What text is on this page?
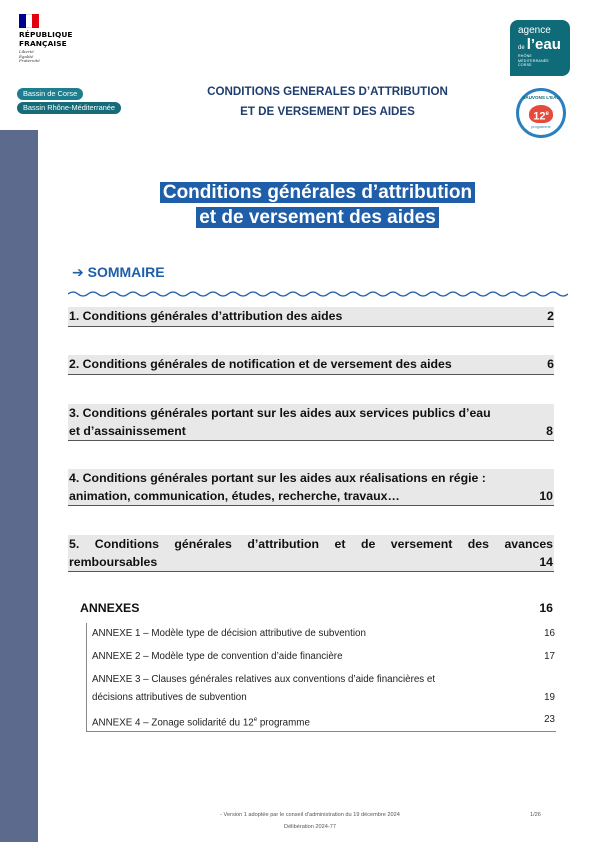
RÉPUBLIQUE
FRANÇAISE
Liberté
Égalité
Fraternité
Bassin de Corse
Bassin Rhône-Méditerranée
CONDITIONS GENERALES D’ATTRIBUTION
ET DE VERSEMENT DES AIDES
agence
de l’eau
RHÔNE
MÉDITERRANÉE
CORSE
SAUVONS L’EAU
12e
programme
Conditions générales d’attribution
et de versement des aides
➔ SOMMAIRE
1. Conditions générales d’attribution des aides	2
2. Conditions générales de notification et de versement des aides	6
3. Conditions générales portant sur les aides aux services publics d’eau
et d’assainissement	8
4. Conditions générales portant sur les aides aux réalisations en régie :
animation, communication, études, recherche, travaux…	10
5. Conditions générales d’attribution et de versement des avances
remboursables	14
ANNEXES	16
ANNEXE 1 – Modèle type de décision attributive de subvention	16
ANNEXE 2 – Modèle type de convention d’aide financière	17
ANNEXE 3 – Clauses générales relatives aux conventions d’aide financières et
décisions attributives de subvention	19
ANNEXE 4 – Zonage solidarité du 12e programme	23
- Version 1 adoptée par le conseil d’administration du 19 décembre 2024
Délibération 2024-77
1/26
